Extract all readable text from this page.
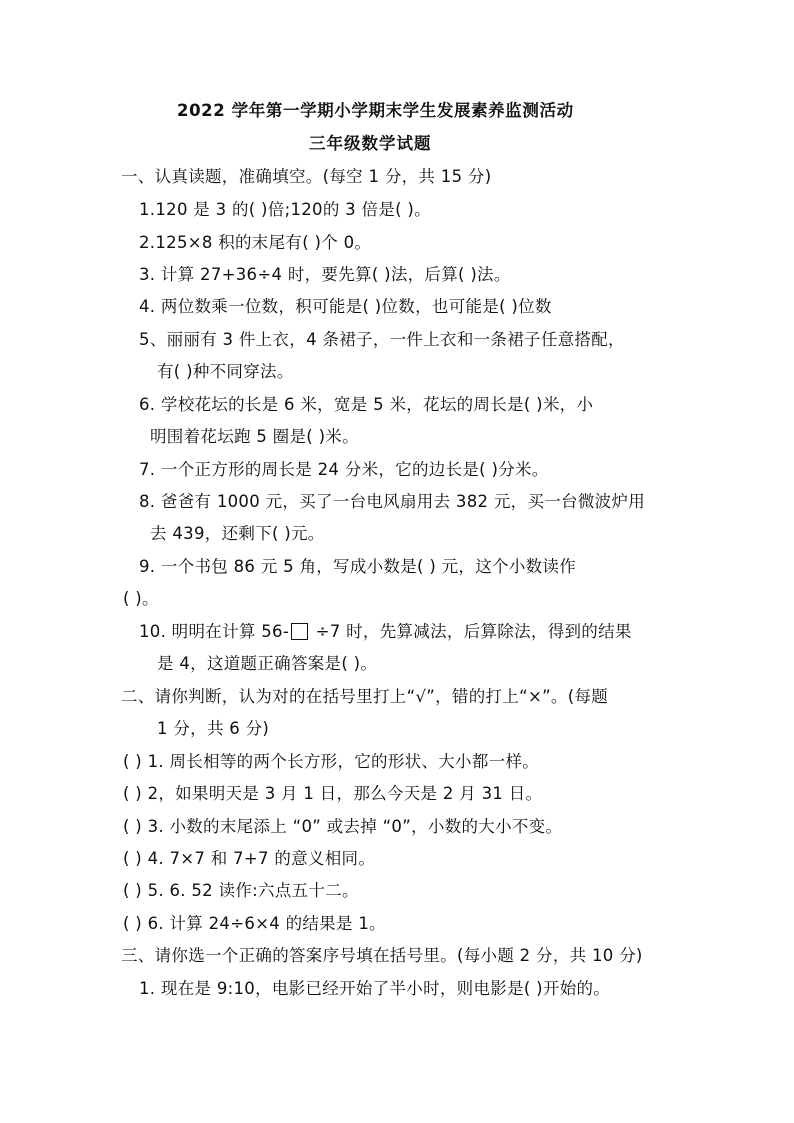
2022 学年第一学期小学期末学生发展素养监测活动
三年级数学试题
一、认真读题，准确填空。(每空 1 分，共 15 分)
1.120 是 3 的( )倍;120的 3 倍是( )。
2.125×8 积的末尾有( )个 0。
3. 计算 27+36÷4 时，要先算( )法，后算( )法。
4. 两位数乘一位数，积可能是( )位数，也可能是( )位数
5、丽丽有 3 件上衣，4 条裙子，一件上衣和一条裙子任意搭配，
有( )种不同穿法。
6. 学校花坛的长是 6 米，宽是 5 米，花坛的周长是( )米，小
明围着花坛跑 5 圈是( )米。
7. 一个正方形的周长是 24 分米，它的边长是( )分米。
8. 爸爸有 1000 元，买了一台电风扇用去 382 元，买一台微波炉用
去 439，还剩下( )元。
9. 一个书包 86 元 5 角，写成小数是( ) 元，这个小数读作
( )。
10. 明明在计算 56- ÷7 时，先算减法，后算除法，得到的结果
是 4，这道题正确答案是( )。
二、请你判断，认为对的在括号里打上“√”，错的打上“×”。(每题
1 分，共 6 分)
( ) 1. 周长相等的两个长方形，它的形状、大小都一样。
( ) 2，如果明天是 3 月 1 日，那么今天是 2 月 31 日。
( ) 3. 小数的末尾添上 “0” 或去掉 “0”，小数的大小不变。
( ) 4. 7×7 和 7+7 的意义相同。
( ) 5. 6. 52 读作:六点五十二。
( ) 6. 计算 24÷6×4 的结果是 1。
三、请你选一个正确的答案序号填在括号里。(每小题 2 分，共 10 分)
1. 现在是 9:10，电影已经开始了半小时，则电影是( )开始的。
